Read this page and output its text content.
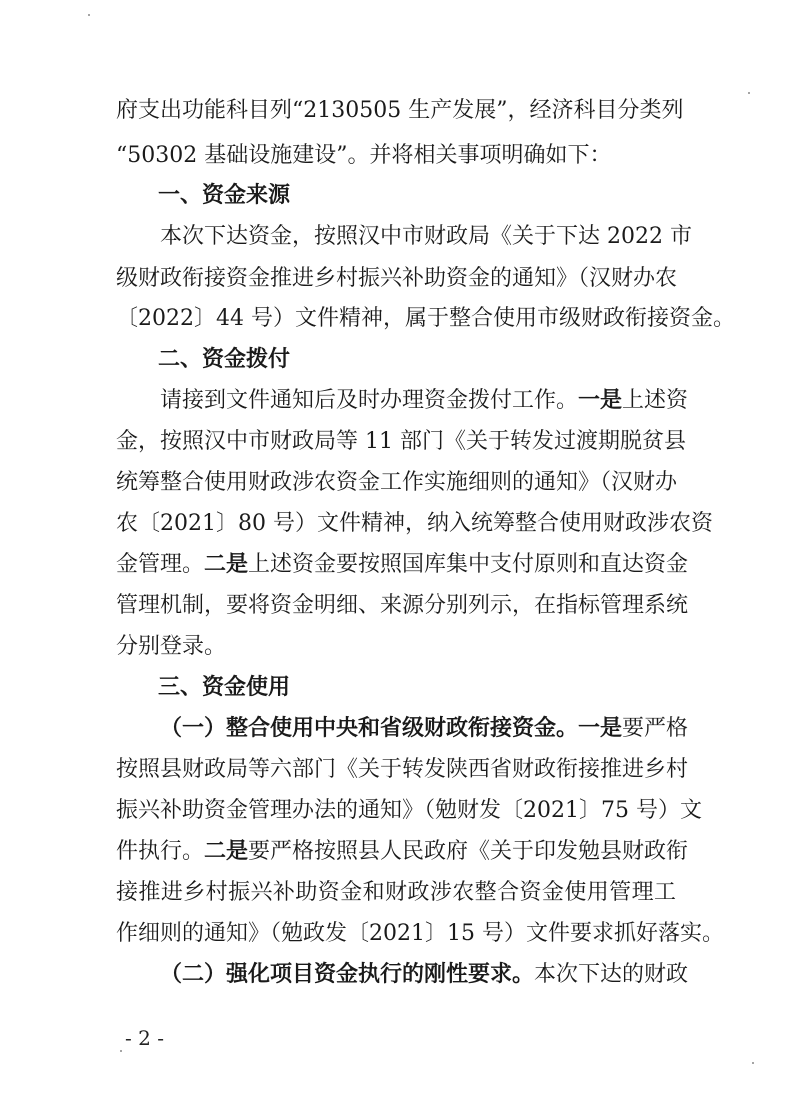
府支出功能科目列“2130505 生产发展”，经济科目分类列
“50302 基础设施建设”。并将相关事项明确如下：
一、资金来源
本次下达资金，按照汉中市财政局《关于下达 2022 市
级财政衔接资金推进乡村振兴补助资金的通知》（汉财办农
〔2022〕44 号）文件精神，属于整合使用市级财政衔接资金。
二、资金拨付
请接到文件通知后及时办理资金拨付工作。一是上述资
金，按照汉中市财政局等 11 部门《关于转发过渡期脱贫县
统筹整合使用财政涉农资金工作实施细则的通知》（汉财办
农〔2021〕80 号）文件精神，纳入统筹整合使用财政涉农资
金管理。二是上述资金要按照国库集中支付原则和直达资金
管理机制，要将资金明细、来源分别列示，在指标管理系统
分别登录。
三、资金使用
（一）整合使用中央和省级财政衔接资金。一是要严格
按照县财政局等六部门《关于转发陕西省财政衔接推进乡村
振兴补助资金管理办法的通知》（勉财发〔2021〕75 号）文
件执行。二是要严格按照县人民政府《关于印发勉县财政衔
接推进乡村振兴补助资金和财政涉农整合资金使用管理工
作细则的通知》（勉政发〔2021〕15 号）文件要求抓好落实。
（二）强化项目资金执行的刚性要求。本次下达的财政
- 2 -
